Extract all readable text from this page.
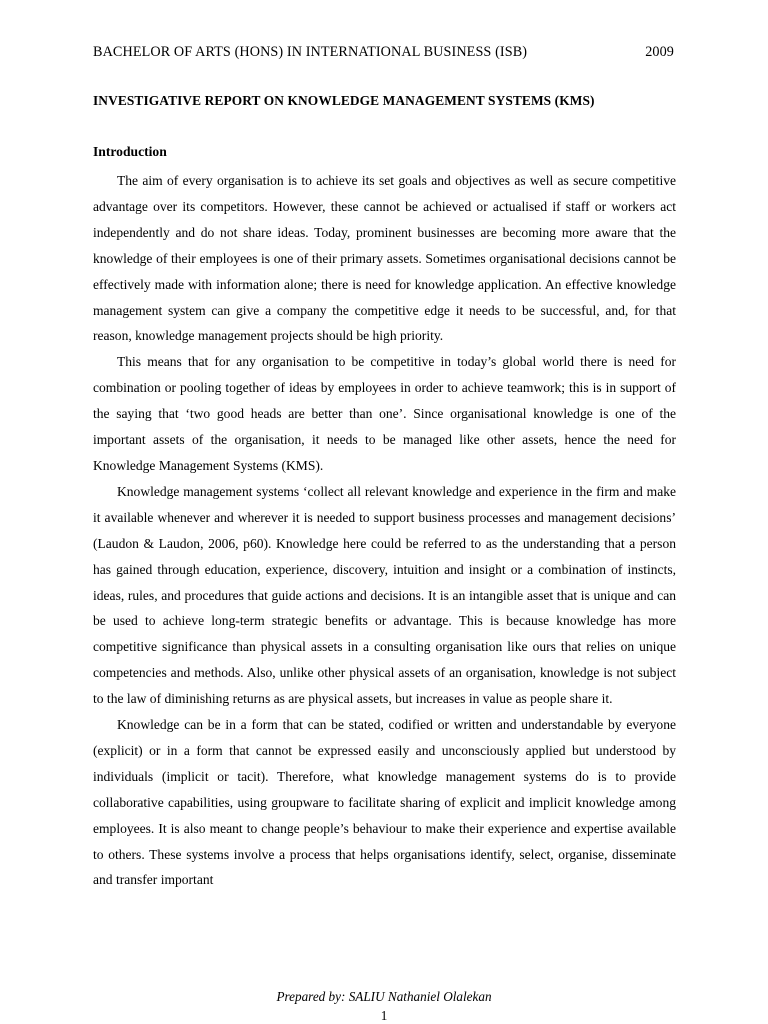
BACHELOR OF ARTS (HONS) IN INTERNATIONAL BUSINESS (ISB)	2009
INVESTIGATIVE REPORT ON KNOWLEDGE MANAGEMENT SYSTEMS (KMS)
Introduction

The aim of every organisation is to achieve its set goals and objectives as well as secure competitive advantage over its competitors. However, these cannot be achieved or actualised if staff or workers act independently and do not share ideas. Today, prominent businesses are becoming more aware that the knowledge of their employees is one of their primary assets. Sometimes organisational decisions cannot be effectively made with information alone; there is need for knowledge application. An effective knowledge management system can give a company the competitive edge it needs to be successful, and, for that reason, knowledge management projects should be high priority.

This means that for any organisation to be competitive in today’s global world there is need for combination or pooling together of ideas by employees in order to achieve teamwork; this is in support of the saying that ‘two good heads are better than one’. Since organisational knowledge is one of the important assets of the organisation, it needs to be managed like other assets, hence the need for Knowledge Management Systems (KMS).

Knowledge management systems ‘collect all relevant knowledge and experience in the firm and make it available whenever and wherever it is needed to support business processes and management decisions’ (Laudon & Laudon, 2006, p60). Knowledge here could be referred to as the understanding that a person has gained through education, experience, discovery, intuition and insight or a combination of instincts, ideas, rules, and procedures that guide actions and decisions. It is an intangible asset that is unique and can be used to achieve long-term strategic benefits or advantage. This is because knowledge has more competitive significance than physical assets in a consulting organisation like ours that relies on unique competencies and methods. Also, unlike other physical assets of an organisation, knowledge is not subject to the law of diminishing returns as are physical assets, but increases in value as people share it.

Knowledge can be in a form that can be stated, codified or written and understandable by everyone (explicit) or in a form that cannot be expressed easily and unconsciously applied but understood by individuals (implicit or tacit). Therefore, what knowledge management systems do is to provide collaborative capabilities, using groupware to facilitate sharing of explicit and implicit knowledge among employees. It is also meant to change people’s behaviour to make their experience and expertise available to others. These systems involve a process that helps organisations identify, select, organise, disseminate and transfer important

Prepared by: SALIU Nathaniel Olalekan
1
